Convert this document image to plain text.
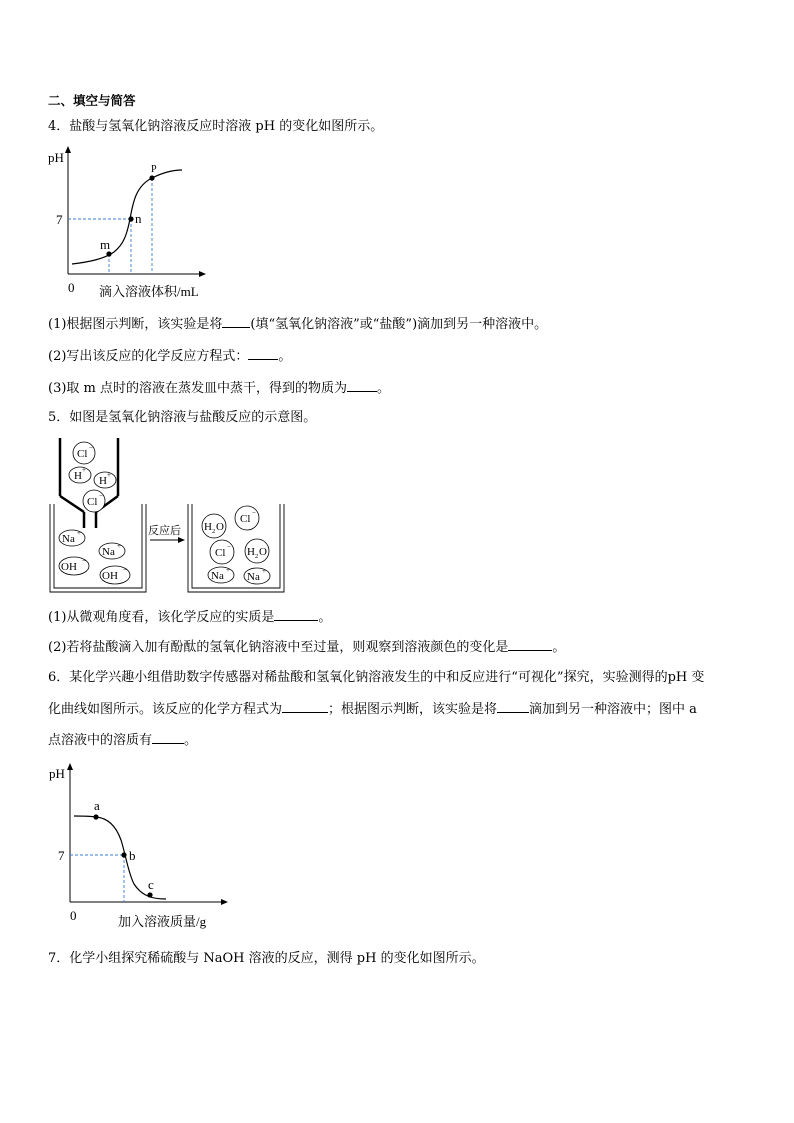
二、填空与简答
4．盐酸与氢氧化钠溶液反应时溶液 pH 的变化如图所示。
pH
7
0
m
n
P
滴入溶液体积/mL
(1)根据图示判断，该实验是将 (填“氢氧化钠溶液”或“盐酸”)滴加到另一种溶液中。
(2)写出该反应的化学反应方程式： 。
(3)取 m 点时的溶液在蒸发皿中蒸干，得到的物质为 。
5．如图是氢氧化钠溶液与盐酸反应的示意图。
Cl −
H +
H +
Cl −
Na +
Na +
OH −
OH −
反应后 H 2 O
Cl −
Cl − H 2 O
Na +
Na +
(1)从微观角度看，该化学反应的实质是	。
(2)若将盐酸滴入加有酚酞的氢氧化钠溶液中至过量，则观察到溶液颜色的变化是	。
6．某化学兴趣小组借助数字传感器对稀盐酸和氢氧化钠溶液发生的中和反应进行“可视化”探究，实验测得的pH 变
化曲线如图所示。该反应的化学方程式为	；根据图示判断，该实验是将 滴加到另一种溶液中；图中 a
点溶液中的溶质有 。
pH
7
0
a
b
c
加入溶液质量/g
7．化学小组探究稀硫酸与 NaOH 溶液的反应，测得 pH 的变化如图所示。
